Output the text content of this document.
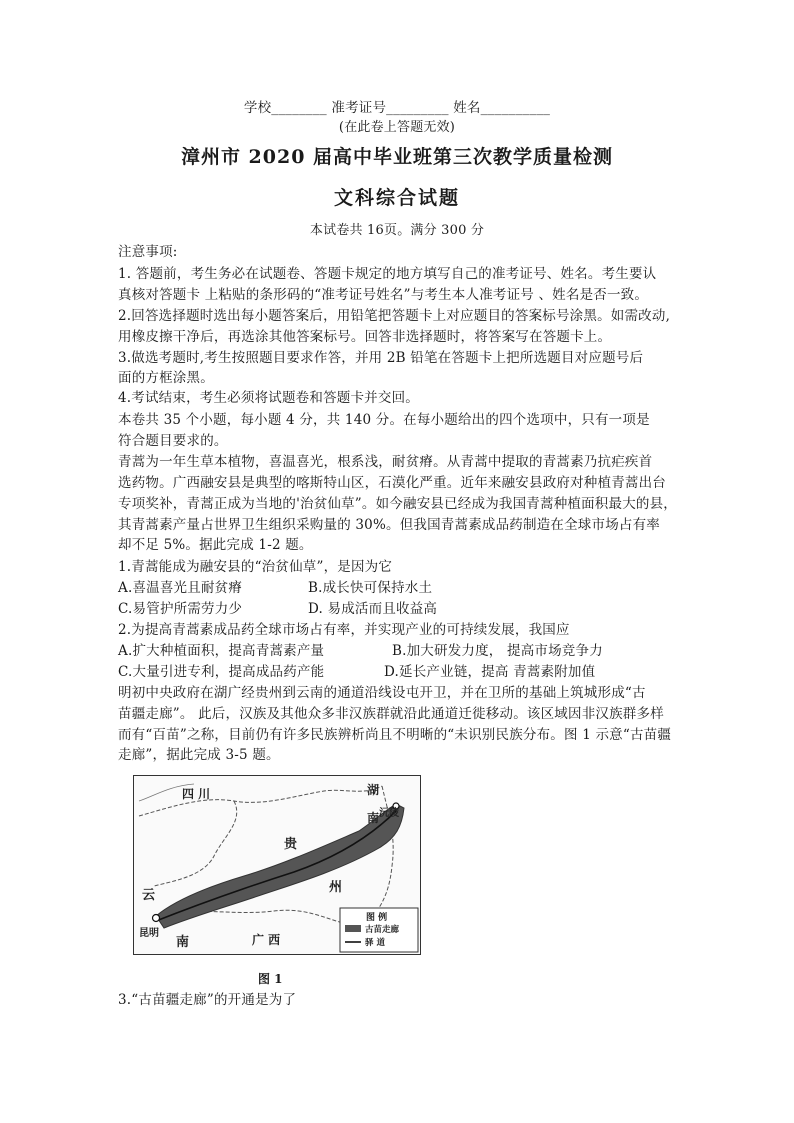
学校________ 准考证号_________ 姓名__________
(在此卷上答题无效)
漳州市 2020 届高中毕业班第三次教学质量检测
文科综合试题
本试卷共 16页。满分 300 分
注意事项:
1. 答题前，考生务必在试题卷、答题卡规定的地方填写自己的准考证号、姓名。考生要认
真核对答题卡 上粘贴的条形码的“准考证号姓名”与考生本人准考证号 、姓名是否一致。
2.回答选择题时选出每小题答案后，用铅笔把答题卡上对应题目的答案标号涂黑。如需改动,
用橡皮擦干净后，再选涂其他答案标号。回答非选择题时，将答案写在答题卡上。
3.做选考题时,考生按照题目要求作答，并用 2B 铅笔在答题卡上把所选题目对应题号后
面的方框涂黑。
4.考试结束，考生必须将试题卷和答题卡并交回。
本卷共 35 个小题，每小题 4 分，共 140 分。在每小题给出的四个选项中，只有一项是
符合题目要求的。
青蒿为一年生草本植物，喜温喜光，根系浅，耐贫瘠。从青蒿中提取的青蒿素乃抗疟疾首
选药物。广西融安县是典型的喀斯特山区，石漠化严重。近年来融安县政府对种植青蒿出台
专项奖补，青蒿正成为当地的'治贫仙草”。如今融安县已经成为我国青蒿种植面积最大的县，
其青蒿素产量占世界卫生组织采购量的 30%。但我国青蒿素成品药制造在全球市场占有率
却不足 5%。据此完成 1-2 题。
1.青蒿能成为融安县的“治贫仙草”，是因为它
A.喜温喜光且耐贫瘠	B.成长快可保持水土
C.易管护所需劳力少	D. 易成活而且收益高
2.为提高青蒿素成品药全球市场占有率，并实现产业的可持续发展，我国应
A.扩大种植面积，提高青蒿素产量	B.加大研发力度， 提高市场竞争力
C.大量引进专利，提高成品药产能	D.延长产业链，提高 青蒿素附加值
明初中央政府在湖广经贵州到云南的通道沿线设屯开卫，并在卫所的基础上筑城形成“古
苗疆走廊”。 此后，汉族及其他众多非汉族群就沿此通道迁徙移动。该区域因非汉族群多样
而有“百苗”之称，目前仍有许多民族辨析尚且不明晰的“未识别民族分布。图 1 示意“古苗疆
走廊”，据此完成 3-5 题。
四 川	湖
南 沅陵
贵
州
云
南
昆明	广 西
图 例
古苗走廊
驿 道
图 1
3.“古苗疆走廊”的开通是为了
